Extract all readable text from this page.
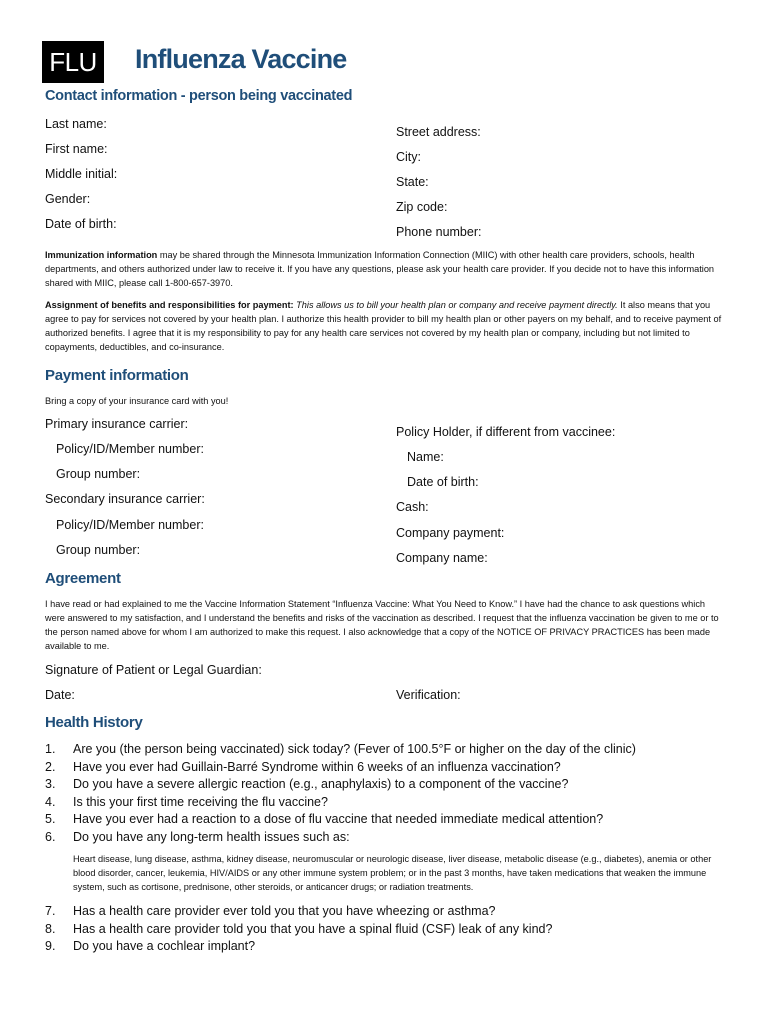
FLU Influenza Vaccine
Contact information - person being vaccinated
Last name:
First name:
Middle initial:
Gender:
Date of birth:
Street address:
City:
State:
Zip code:
Phone number:
Immunization information may be shared through the Minnesota Immunization Information Connection (MIIC) with other health care providers, schools, health departments, and others authorized under law to receive it. If you have any questions, please ask your health care provider. If you decide not to have this information shared with MIIC, please call 1-800-657-3970.
Assignment of benefits and responsibilities for payment: This allows us to bill your health plan or company and receive payment directly. It also means that you agree to pay for services not covered by your health plan. I authorize this health provider to bill my health plan or other payers on my behalf, and to receive payment of authorized benefits. I agree that it is my responsibility to pay for any health care services not covered by my health plan or company, including but not limited to copayments, deductibles, and co-insurance.
Payment information
Bring a copy of your insurance card with you!
Primary insurance carrier:
Policy/ID/Member number:
Group number:
Secondary insurance carrier:
Policy/ID/Member number:
Group number:
Policy Holder, if different from vaccinee:
Name:
Date of birth:
Cash:
Company payment:
Company name:
Agreement
I have read or had explained to me the Vaccine Information Statement “Influenza Vaccine: What You Need to Know.” I have had the chance to ask questions which were answered to my satisfaction, and I understand the benefits and risks of the vaccination as described. I request that the influenza vaccination be given to me or to the person named above for whom I am authorized to make this request. I also acknowledge that a copy of the NOTICE OF PRIVACY PRACTICES has been made available to me.
Signature of Patient or Legal Guardian:
Date:	Verification:
Health History
1.	Are you (the person being vaccinated) sick today? (Fever of 100.5°F or higher on the day of the clinic)
2.	Have you ever had Guillain-Barré Syndrome within 6 weeks of an influenza vaccination?
3.	Do you have a severe allergic reaction (e.g., anaphylaxis) to a component of the vaccine?
4.	Is this your first time receiving the flu vaccine?
5.	Have you ever had a reaction to a dose of flu vaccine that needed immediate medical attention?
6.	Do you have any long-term health issues such as:
Heart disease, lung disease, asthma, kidney disease, neuromuscular or neurologic disease, liver disease, metabolic disease (e.g., diabetes), anemia or other blood disorder, cancer, leukemia, HIV/AIDS or any other immune system problem; or in the past 3 months, have taken medications that weaken the immune system, such as cortisone, prednisone, other steroids, or anticancer drugs; or radiation treatments.
7.	Has a health care provider ever told you that you have wheezing or asthma?
8.	Has a health care provider told you that you have a spinal fluid (CSF) leak of any kind?
9.	Do you have a cochlear implant?
